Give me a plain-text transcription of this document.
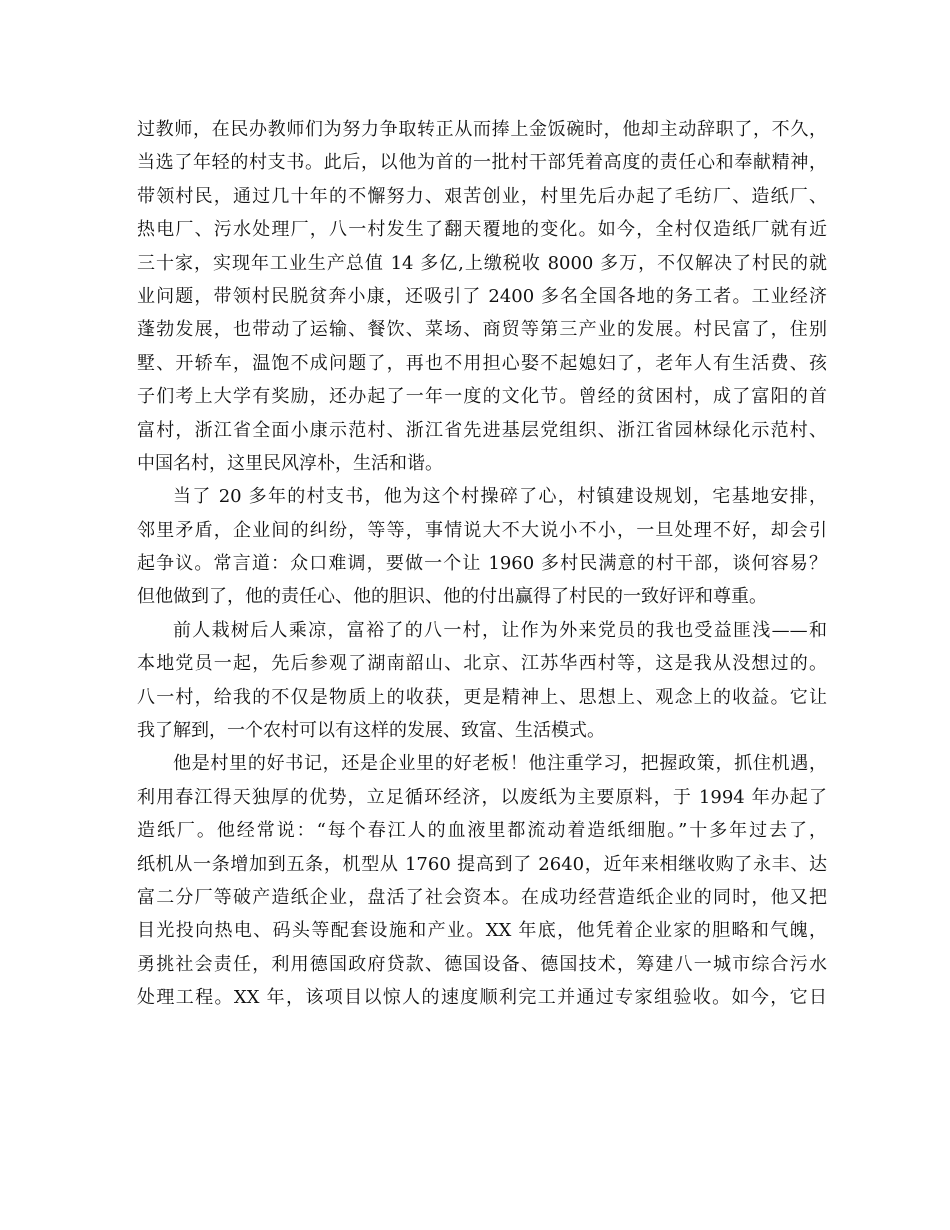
过教师，在民办教师们为努力争取转正从而捧上金饭碗时，他却主动辞职了，不久，
当选了年轻的村支书。此后，以他为首的一批村干部凭着高度的责任心和奉献精神，
带领村民，通过几十年的不懈努力、艰苦创业，村里先后办起了毛纺厂、造纸厂、
热电厂、污水处理厂，八一村发生了翻天覆地的变化。如今，全村仅造纸厂就有近
三十家，实现年工业生产总值 14 多亿,上缴税收 8000 多万，不仅解决了村民的就
业问题，带领村民脱贫奔小康，还吸引了 2400 多名全国各地的务工者。工业经济
蓬勃发展，也带动了运输、餐饮、菜场、商贸等第三产业的发展。村民富了，住别
墅、开轿车，温饱不成问题了，再也不用担心娶不起媳妇了，老年人有生活费、孩
子们考上大学有奖励，还办起了一年一度的文化节。曾经的贫困村，成了富阳的首
富村，浙江省全面小康示范村、浙江省先进基层党组织、浙江省园林绿化示范村、
中国名村，这里民风淳朴，生活和谐。
当了 20 多年的村支书，他为这个村操碎了心，村镇建设规划，宅基地安排，
邻里矛盾，企业间的纠纷，等等，事情说大不大说小不小，一旦处理不好，却会引
起争议。常言道：众口难调，要做一个让 1960 多村民满意的村干部，谈何容易？
但他做到了，他的责任心、他的胆识、他的付出赢得了村民的一致好评和尊重。
前人栽树后人乘凉，富裕了的八一村，让作为外来党员的我也受益匪浅——和
本地党员一起，先后参观了湖南韶山、北京、江苏华西村等，这是我从没想过的。
八一村，给我的不仅是物质上的收获，更是精神上、思想上、观念上的收益。它让
我了解到，一个农村可以有这样的发展、致富、生活模式。
他是村里的好书记，还是企业里的好老板！他注重学习，把握政策，抓住机遇，
利用春江得天独厚的优势，立足循环经济，以废纸为主要原料，于 1994 年办起了
造纸厂。他经常说：“每个春江人的血液里都流动着造纸细胞。”十多年过去了，
纸机从一条增加到五条，机型从 1760 提高到了 2640，近年来相继收购了永丰、达
富二分厂等破产造纸企业，盘活了社会资本。在成功经营造纸企业的同时，他又把
目光投向热电、码头等配套设施和产业。XX 年底，他凭着企业家的胆略和气魄，
勇挑社会责任，利用德国政府贷款、德国设备、德国技术，筹建八一城市综合污水
处理工程。XX 年，该项目以惊人的速度顺利完工并通过专家组验收。如今，它日
